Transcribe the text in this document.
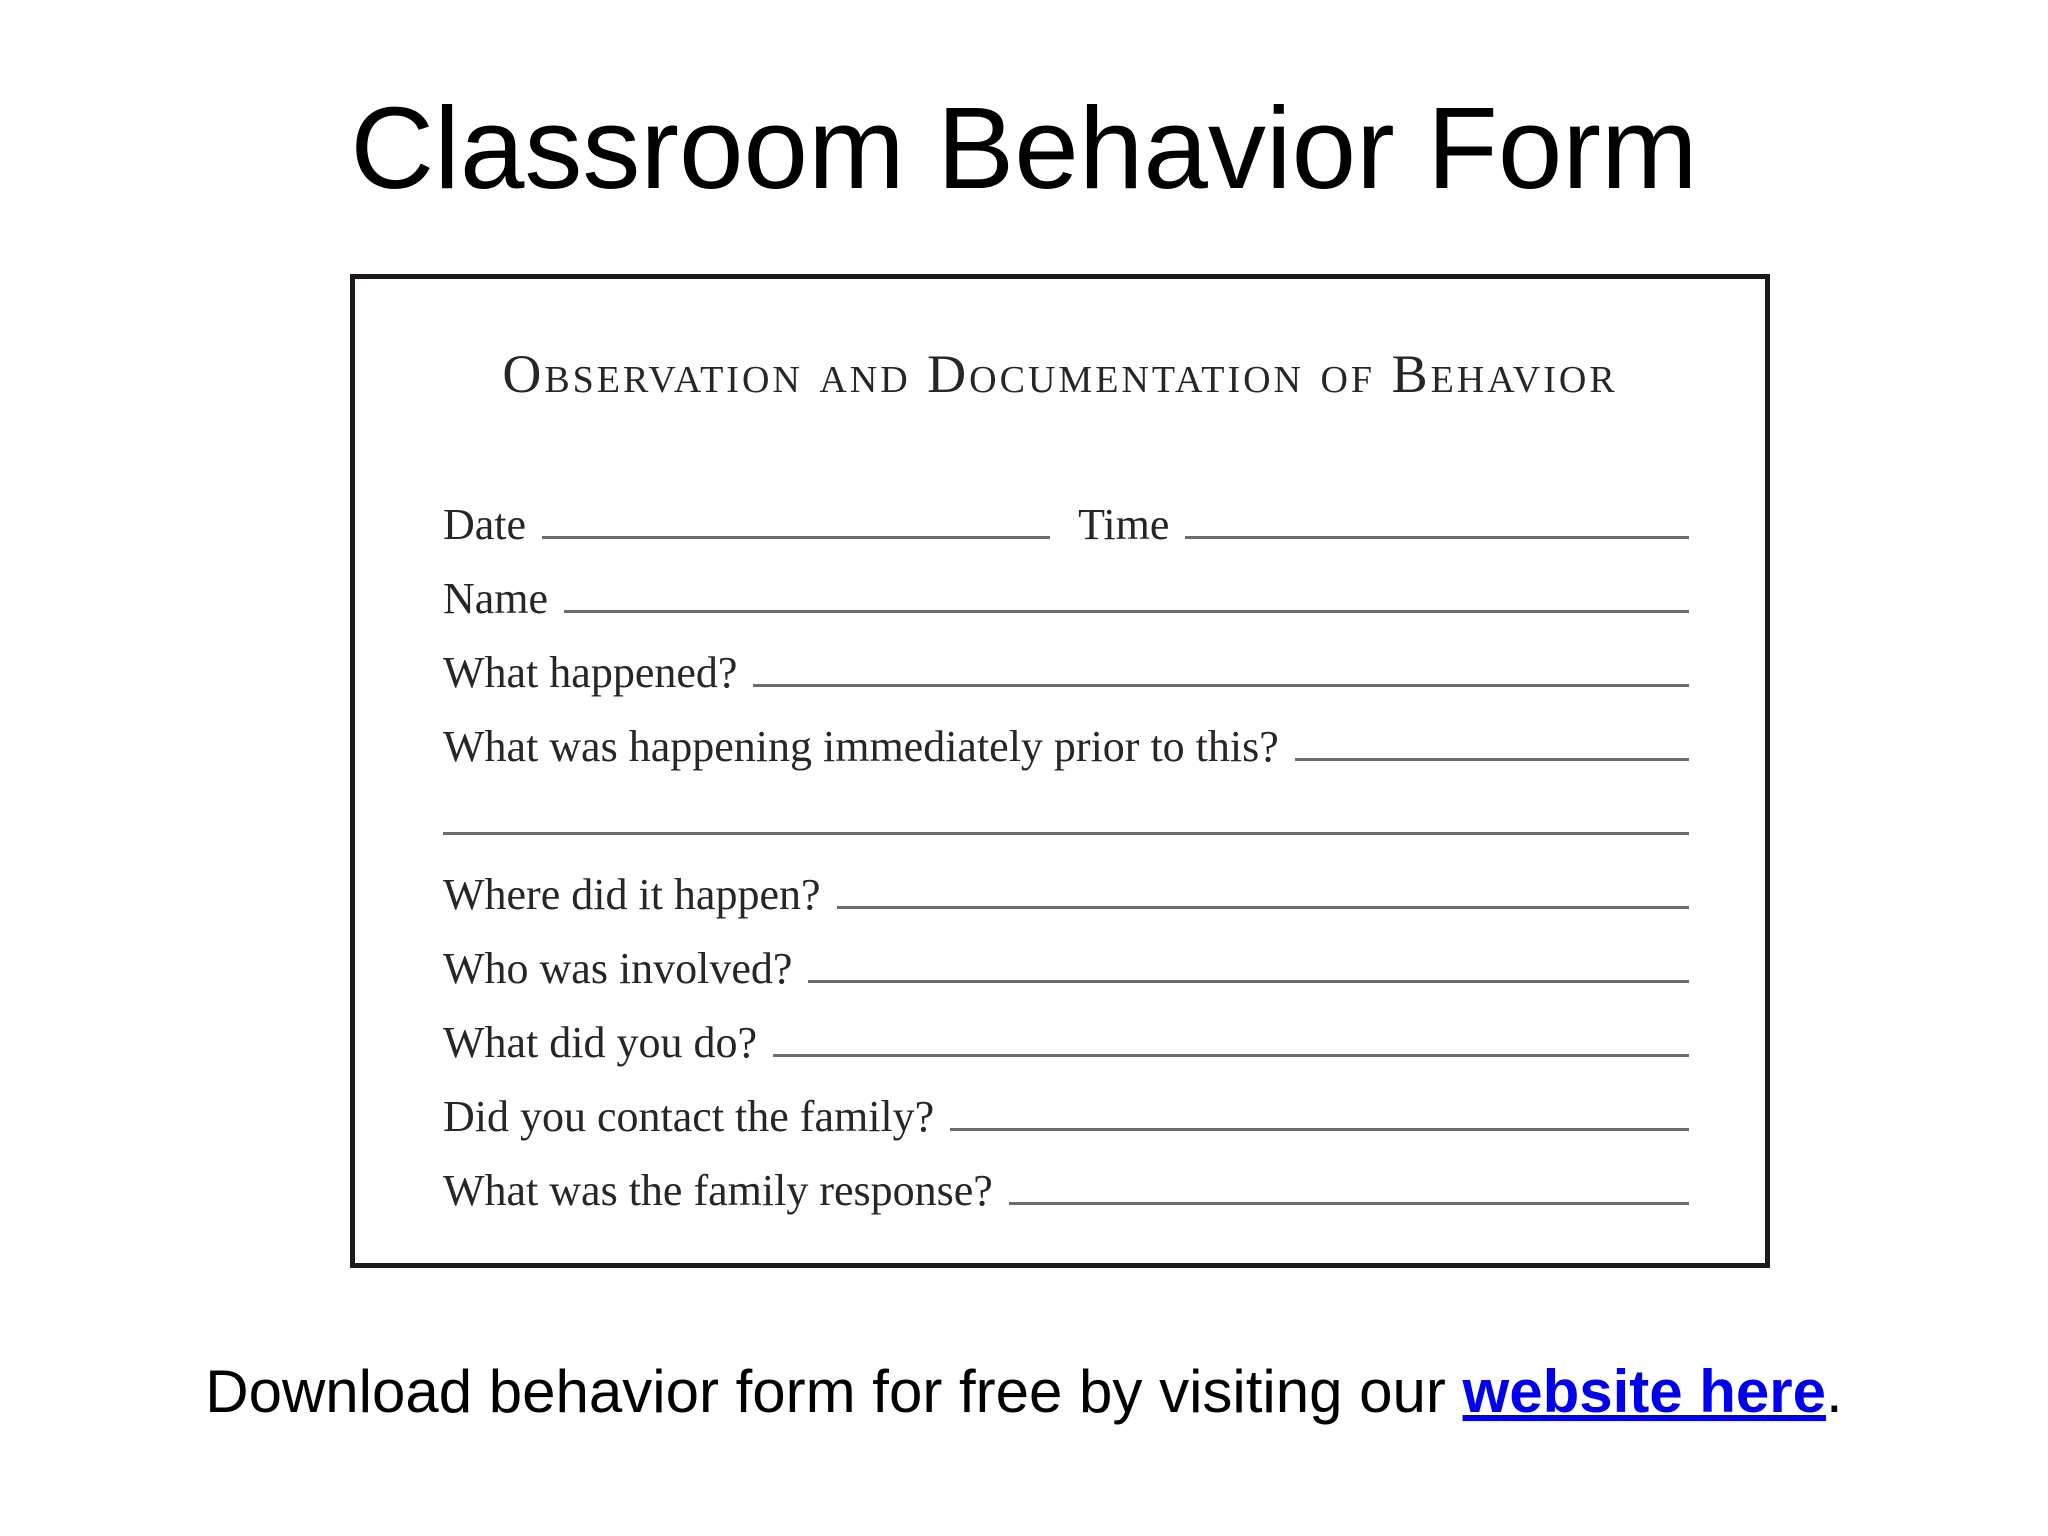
Classroom Behavior Form
Observation and Documentation of Behavior
Date	Time
Name
What happened?
What was happening immediately prior to this?
Where did it happen?
Who was involved?
What did you do?
Did you contact the family?
What was the family response?
Download behavior form for free by visiting our website here.
